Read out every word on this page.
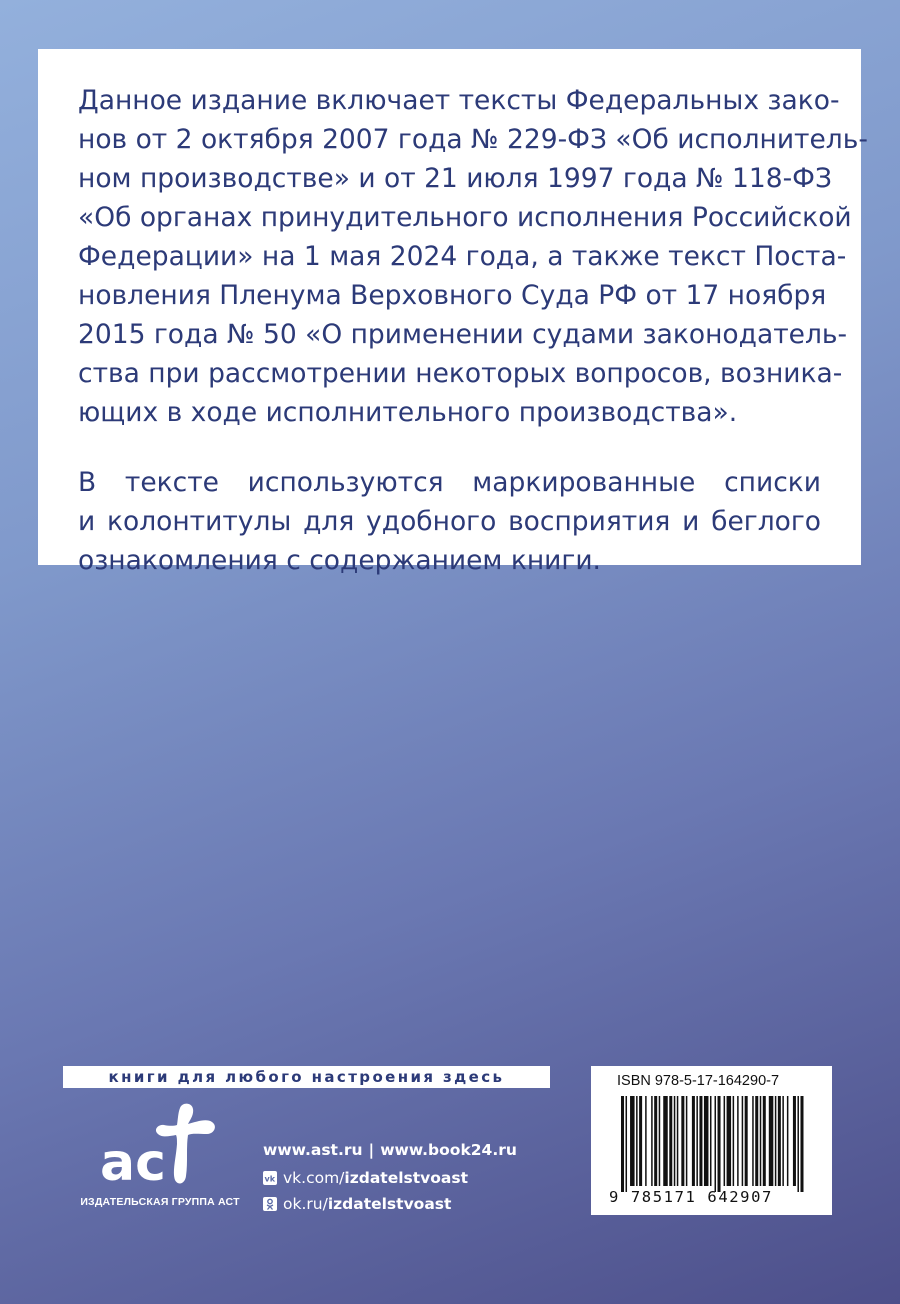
Данное издание включает тексты Федеральных зако-
нов от 2 октября 2007 года № 229-ФЗ «Об исполнитель-
ном производстве» и от 21 июля 1997 года № 118-ФЗ
«Об органах принудительного исполнения Российской
Федерации» на 1 мая 2024 года, а также текст Поста-
новления Пленума Верховного Суда РФ от 17 ноября
2015 года № 50 «О применении судами законодатель-
ства при рассмотрении некоторых вопросов, возника-
ющих в ходе исполнительного производства».

В тексте используются маркированные списки
и колонтитулы для удобного восприятия и беглого
ознакомления с содержанием книги.

книги для любого настроения здесь
ac
ИЗДАТЕЛЬСКАЯ ГРУППА АСТ
www.ast.ru | www.book24.ru
vk vk.com/ izdatelstvoast
ok.ru/ izdatelstvoast
ISBN 978-5-17-164290-7
9 785171 642907
